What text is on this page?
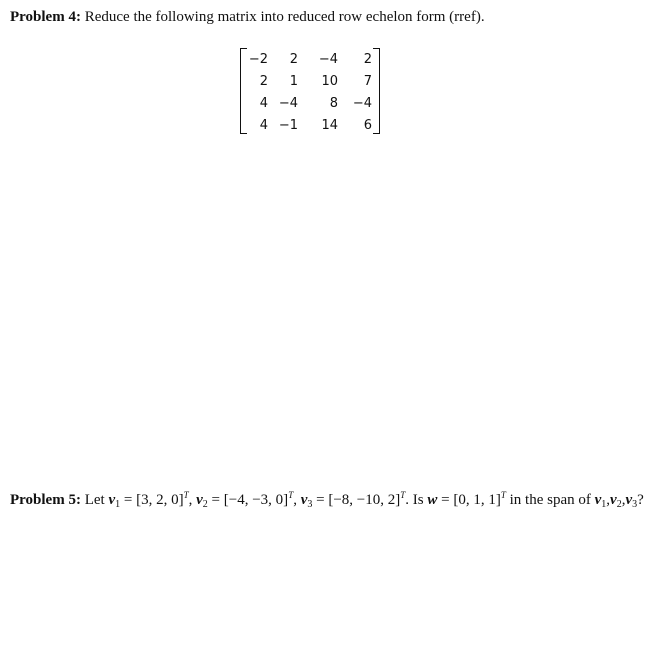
Problem 4: Reduce the following matrix into reduced row echelon form (rref).
−2	2	−4	2
2	1	10	7
4	−4	8	−4
4	−1	14	6
Problem 5: Let $v_1 = [3$, 2, 0]$^T$, $v_2 = [-4$, −3, 0]$^T$, $v_3 = [-8$, −10, 2]$^T$. Is w = [0, 1, 1]$^T$ in the span of $v_1,v_2,v_3$?
